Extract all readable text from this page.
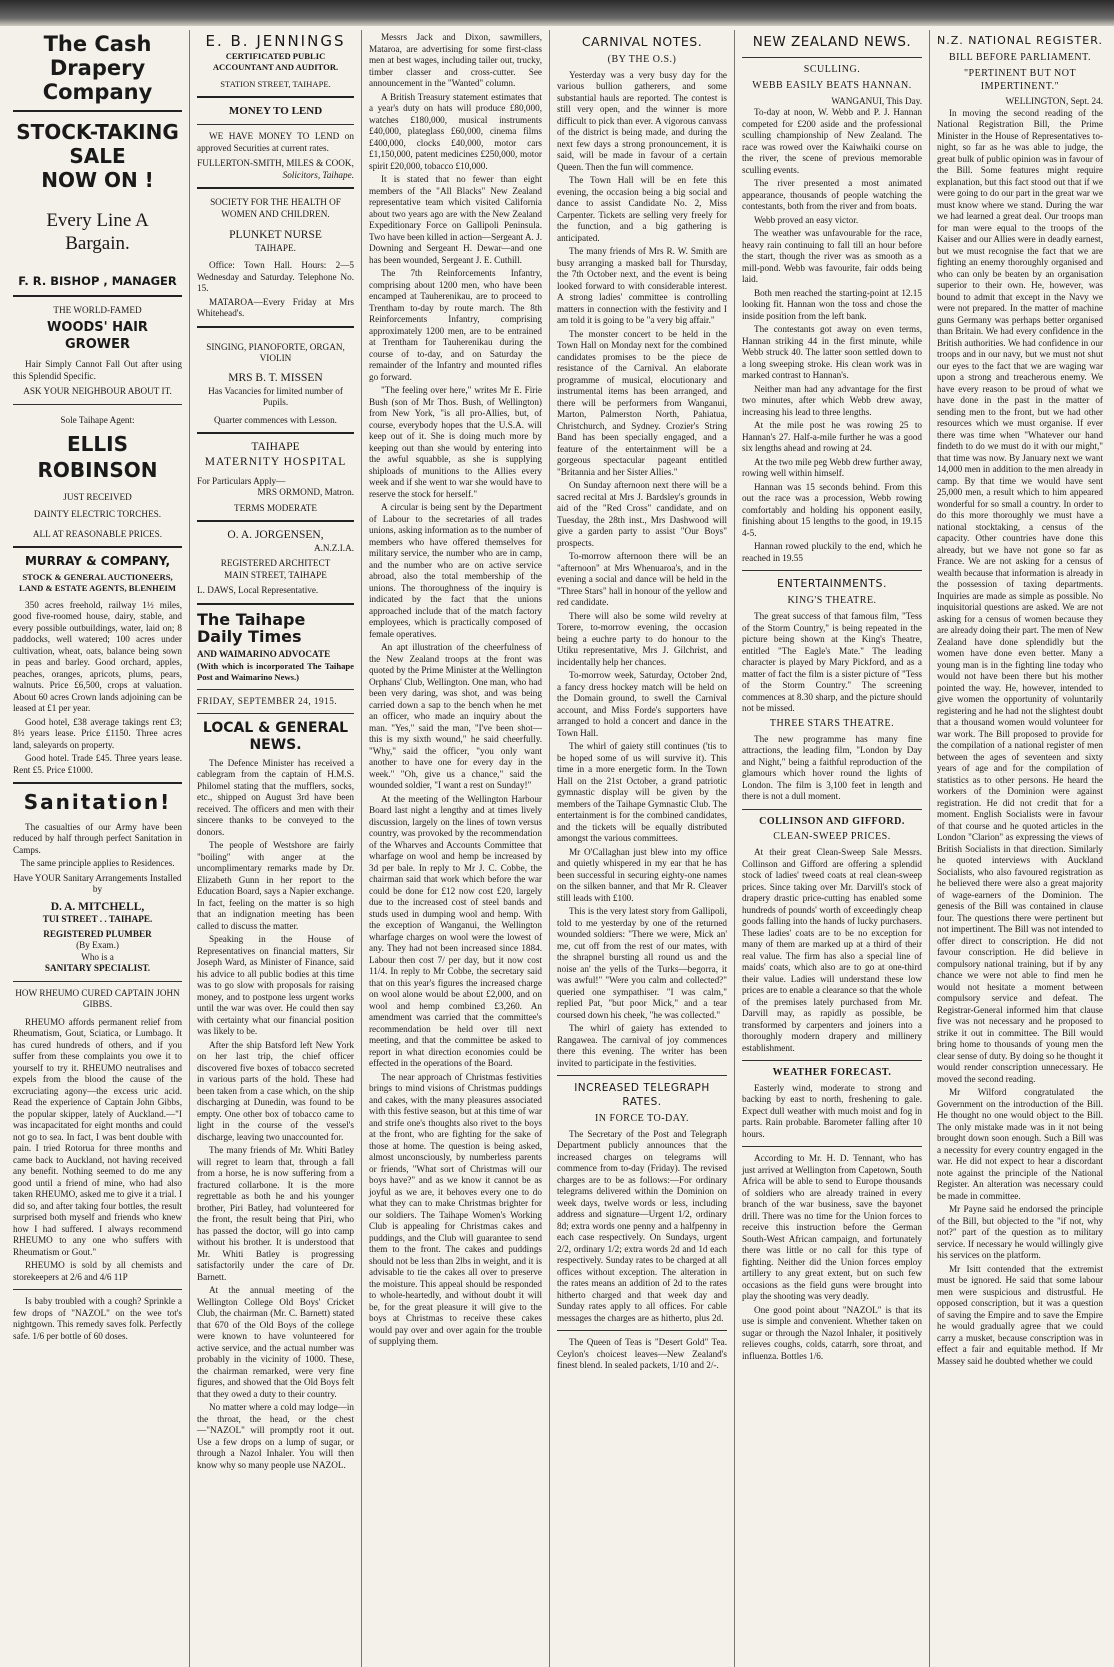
The Cash Drapery Company
STOCK-TAKING
SALE
NOW ON !
Every Line A Bargain.
F. R. BISHOP , MANAGER
THE WORLD-FAMED
WOODS' HAIR GROWER

Hair Simply Cannot Fall Out after using this Splendid Specific.

ASK YOUR NEIGHBOUR ABOUT IT.
Sole Taihape Agent:
ELLIS ROBINSON
JUST RECEIVED
DAINTY ELECTRIC TORCHES.
ALL AT REASONABLE PRICES.
MURRAY & COMPANY,
STOCK & GENERAL AUCTIONEERS, LAND & ESTATE AGENTS, BLENHEIM

350 acres freehold, railway 1½ miles, good five-roomed house, dairy, stable, and every possible outbuildings, water, laid on; 8 paddocks, well watered; 100 acres under cultivation, wheat, oats, balance being sown in peas and barley. Good orchard, apples, peaches, oranges, apricots, plums, pears, walnuts. Price £6,500, crops at valuation. About 60 acres Crown lands adjoining can be leased at £1 per year.

Good hotel, £38 average takings rent £3; 8½ years lease. Price £1150. Three acres land, saleyards on property.

Good hotel. Trade £45. Three years lease. Rent £5. Price £1000.

Sanitation!

The casualties of our Army have been reduced by half through perfect Sanitation in Camps.

The same principle applies to Residences.
Have YOUR Sanitary Arrangements Installed by
D. A. MITCHELL,
TUI STREET . . TAIHAPE.
REGISTERED PLUMBER
(By Exam.)
Who is a
SANITARY SPECIALIST.
HOW RHEUMO CURED CAPTAIN JOHN GIBBS.

RHEUMO affords permanent relief from Rheumatism, Gout, Sciatica, or Lumbago. It has cured hundreds of others, and if you suffer from these complaints you owe it to yourself to try it. RHEUMO neutralises and expels from the blood the cause of the excruciating agony—the excess uric acid. Read the experience of Captain John Gibbs, the popular skipper, lately of Auckland.—"I was incapacitated for eight months and could not go to sea. In fact, I was bent double with pain. I tried Rotorua for three months and came back to Auckland, not having received any benefit. Nothing seemed to do me any good until a friend of mine, who had also taken RHEUMO, asked me to give it a trial. I did so, and after taking four bottles, the result surprised both myself and friends who knew how I had suffered. I always recommend RHEUMO to any one who suffers with Rheumatism or Gout."

RHEUMO is sold by all chemists and storekeepers at 2/6 and 4/6 11P

Is baby troubled with a cough? Sprinkle a few drops of "NAZOL" on the wee tot's nightgown. This remedy saves folk. Perfectly safe. 1/6 per bottle of 60 doses.

E. B. JENNINGS
CERTIFICATED PUBLIC ACCOUNTANT AND AUDITOR.
STATION STREET, TAIHAPE.
MONEY TO LEND

WE HAVE MONEY TO LEND on approved Securities at current rates.

FULLERTON-SMITH, MILES & COOK,
Solicitors, Taihape.
SOCIETY FOR THE HEALTH OF WOMEN AND CHILDREN.
PLUNKET NURSE
TAIHAPE.

Office: Town Hall. Hours: 2—5 Wednesday and Saturday. Telephone No. 15.

MATAROA—Every Friday at Mrs Whitehead's.

SINGING, PIANOFORTE, ORGAN, VIOLIN
MRS B. T. MISSEN
Has Vacancies for limited number of Pupils.
Quarter commences with Lesson.
TAIHAPE
MATERNITY HOSPITAL
For Particulars Apply—
MRS ORMOND, Matron.
TERMS MODERATE
O. A. JORGENSEN,
A.N.Z.I.A.
REGISTERED ARCHITECT
MAIN STREET, TAIHAPE
L. DAWS, Local Representative.
The Taihape Daily Times
AND WAIMARINO ADVOCATE
(With which is incorporated The Taihape Post and Waimarino News.)
FRIDAY, SEPTEMBER 24, 1915.
LOCAL & GENERAL NEWS.

The Defence Minister has received a cablegram from the captain of H.M.S. Philomel stating that the mufflers, socks, etc., shipped on August 3rd have been received. The officers and men with their sincere thanks to be conveyed to the donors.

The people of Westshore are fairly "boiling" with anger at the uncomplimentary remarks made by Dr. Elizabeth Gunn in her report to the Education Board, says a Napier exchange. In fact, feeling on the matter is so high that an indignation meeting has been called to discuss the matter.

Speaking in the House of Representatives on financial matters, Sir Joseph Ward, as Minister of Finance, said his advice to all public bodies at this time was to go slow with proposals for raising money, and to postpone less urgent works until the war was over. He could then say with certainty what our financial position was likely to be.

After the ship Batsford left New York on her last trip, the chief officer discovered five boxes of tobacco secreted in various parts of the hold. These had been taken from a case which, on the ship discharging at Dunedin, was found to be empty. One other box of tobacco came to light in the course of the vessel's discharge, leaving two unaccounted for.

The many friends of Mr. Whiti Batley will regret to learn that, through a fall from a horse, he is now suffering from a fractured collarbone. It is the more regrettable as both he and his younger brother, Piri Batley, had volunteered for the front, the result being that Piri, who has passed the doctor, will go into camp without his brother. It is understood that Mr. Whiti Batley is progressing satisfactorily under the care of Dr. Barnett.

At the annual meeting of the Wellington College Old Boys' Cricket Club, the chairman (Mr. C. Barnett) stated that 670 of the Old Boys of the college were known to have volunteered for active service, and the actual number was probably in the vicinity of 1000. These, the chairman remarked, were very fine figures, and showed that the Old Boys felt that they owed a duty to their country.

No matter where a cold may lodge—in the throat, the head, or the chest—"NAZOL" will promptly root it out. Use a few drops on a lump of sugar, or through a Nazol Inhaler. You will then know why so many people use NAZOL.

Messrs Jack and Dixon, sawmillers, Mataroa, are advertising for some first-class men at best wages, including tailer out, trucky, timber classer and cross-cutter. See announcement in the "Wanted" column.

A British Treasury statement estimates that a year's duty on hats will produce £80,000, watches £180,000, musical instruments £40,000, plateglass £60,000, cinema films £400,000, clocks £40,000, motor cars £1,150,000, patent medicines £250,000, motor spirit £20,000, tobacco £10,000.

It is stated that no fewer than eight members of the "All Blacks" New Zealand representative team which visited California about two years ago are with the New Zealand Expeditionary Force on Gallipoli Peninsula. Two have been killed in action—Sergeant A. J. Downing and Sergeant H. Dewar—and one has been wounded, Sergeant J. E. Cuthill.

The 7th Reinforcements Infantry, comprising about 1200 men, who have been encamped at Tauherenikau, are to proceed to Trentham to-day by route march. The 8th Reinforcements Infantry, comprising approximately 1200 men, are to be entrained at Trentham for Tauherenikau during the course of to-day, and on Saturday the remainder of the Infantry and mounted rifles go forward.

"The feeling over here," writes Mr E. Firie Bush (son of Mr Thos. Bush, of Wellington) from New York, "is all pro-Allies, but, of course, everybody hopes that the U.S.A. will keep out of it. She is doing much more by keeping out than she would by entering into the awful squabble, as she is supplying shiploads of munitions to the Allies every week and if she went to war she would have to reserve the stock for herself."

A circular is being sent by the Department of Labour to the secretaries of all trades unions, asking information as to the number of members who have offered themselves for military service, the number who are in camp, and the number who are on active service abroad, also the total membership of the unions. The thoroughness of the inquiry is indicated by the fact that the unions approached include that of the match factory employees, which is practically composed of female operatives.

An apt illustration of the cheerfulness of the New Zealand troops at the front was quoted by the Prime Minister at the Wellington Orphans' Club, Wellington. One man, who had been very daring, was shot, and was being carried down a sap to the bench when he met an officer, who made an inquiry about the man. "Yes," said the man, "I've been shot—this is my sixth wound," he said cheerfully. "Why," said the officer, "you only want another to have one for every day in the week." "Oh, give us a chance," said the wounded soldier, "I want a rest on Sunday!"

At the meeting of the Wellington Harbour Board last night a lengthy and at times lively discussion, largely on the lines of town versus country, was provoked by the recommendation of the Wharves and Accounts Committee that wharfage on wool and hemp be increased by 3d per bale. In reply to Mr J. C. Cobbe, the chairman said that work which before the war could be done for £12 now cost £20, largely due to the increased cost of steel bands and studs used in dumping wool and hemp. With the exception of Wanganui, the Wellington wharfage charges on wool were the lowest of any. They had not been increased since 1884. Labour then cost 7/ per day, but it now cost 11/4. In reply to Mr Cobbe, the secretary said that on this year's figures the increased charge on wool alone would be about £2,000, and on wool and hemp combined £3,260. An amendment was carried that the committee's recommendation be held over till next meeting, and that the committee be asked to report in what direction economies could be effected in the operations of the Board.

The near approach of Christmas festivities brings to mind visions of Christmas puddings and cakes, with the many pleasures associated with this festive season, but at this time of war and strife one's thoughts also rivet to the boys at the front, who are fighting for the sake of those at home. The question is being asked, almost unconsciously, by numberless parents or friends, "What sort of Christmas will our boys have?" and as we know it cannot be as joyful as we are, it behoves every one to do what they can to make Christmas brighter for our soldiers. The Taihape Women's Working Club is appealing for Christmas cakes and puddings, and the Club will guarantee to send them to the front. The cakes and puddings should not be less than 2lbs in weight, and it is advisable to tie the cakes all over to preserve the moisture. This appeal should be responded to whole-heartedly, and without doubt it will be, for the great pleasure it will give to the boys at Christmas to receive these cakes would pay over and over again for the trouble of supplying them.

CARNIVAL NOTES.
(BY THE O.S.)

Yesterday was a very busy day for the various bullion gatherers, and some substantial hauls are reported. The contest is still very open, and the winner is more difficult to pick than ever. A vigorous canvass of the district is being made, and during the next few days a strong pronouncement, it is said, will be made in favour of a certain Queen. Then the fun will commence.

The Town Hall will be en fete this evening, the occasion being a big social and dance to assist Candidate No. 2, Miss Carpenter. Tickets are selling very freely for the function, and a big gathering is anticipated.

The many friends of Mrs R. W. Smith are busy arranging a masked ball for Thursday, the 7th October next, and the event is being looked forward to with considerable interest. A strong ladies' committee is controlling matters in connection with the festivity and I am told it is going to be "a very big affair."

The monster concert to be held in the Town Hall on Monday next for the combined candidates promises to be the piece de resistance of the Carnival. An elaborate programme of musical, elocutionary and instrumental items has been arranged, and there will be performers from Wanganui, Marton, Palmerston North, Pahiatua, Christchurch, and Sydney. Crozier's String Band has been specially engaged, and a feature of the entertainment will be a gorgeous spectacular pageant entitled "Britannia and her Sister Allies."

On Sunday afternoon next there will be a sacred recital at Mrs J. Bardsley's grounds in aid of the "Red Cross" candidate, and on Tuesday, the 28th inst., Mrs Dashwood will give a garden party to assist "Our Boys" prospects.

To-morrow afternoon there will be an "afternoon" at Mrs Whenuaroa's, and in the evening a social and dance will be held in the "Three Stars" hall in honour of the yellow and red candidate.

There will also be some wild revelry at Torere, to-morrow evening, the occasion being a euchre party to do honour to the Utiku representative, Mrs J. Gilchrist, and incidentally help her chances.

To-morrow week, Saturday, October 2nd, a fancy dress hockey match will be held on the Domain ground, to swell the Carnival account, and Miss Forde's supporters have arranged to hold a concert and dance in the Town Hall.

The whirl of gaiety still continues ('tis to be hoped some of us will survive it). This time in a more energetic form. In the Town Hall on the 21st October, a grand patriotic gymnastic display will be given by the members of the Taihape Gymnastic Club. The entertainment is for the combined candidates, and the tickets will be equally distributed amongst the various committees.

Mr O'Callaghan just blew into my office and quietly whispered in my ear that he has been successful in securing eighty-one names on the silken banner, and that Mr R. Cleaver still leads with £100.

This is the very latest story from Gallipoli, told to me yesterday by one of the returned wounded soldiers: "There we were, Mick an' me, cut off from the rest of our mates, with the shrapnel bursting all round us and the noise an' the yells of the Turks—begorra, it was awful!" "Were you calm and collected?" queried one sympathiser. "I was calm," replied Pat, "but poor Mick," and a tear coursed down his cheek, "he was collected."

The whirl of gaiety has extended to Rangawea. The carnival of joy commences there this evening. The writer has been invited to participate in the festivities.

INCREASED TELEGRAPH RATES.
IN FORCE TO-DAY.

The Secretary of the Post and Telegraph Department publicly announces that the increased charges on telegrams will commence from to-day (Friday). The revised charges are to be as follows:—For ordinary telegrams delivered within the Dominion on week days, twelve words or less, including address and signature—Urgent 1/2, ordinary 8d; extra words one penny and a halfpenny in each case respectively. On Sundays, urgent 2/2, ordinary 1/2; extra words 2d and 1d each respectively. Sunday rates to be charged at all offices without exception. The alteration in the rates means an addition of 2d to the rates hitherto charged and that week day and Sunday rates apply to all offices. For cable messages the charges are as hitherto, plus 2d.

The Queen of Teas is "Desert Gold" Tea. Ceylon's choicest leaves—New Zealand's finest blend. In sealed packets, 1/10 and 2/-.

NEW ZEALAND NEWS.
SCULLING.
WEBB EASILY BEATS HANNAN.
WANGANUI, This Day.

To-day at noon, W. Webb and P. J. Hannan competed for £200 aside and the professional sculling championship of New Zealand. The race was rowed over the Kaiwhaiki course on the river, the scene of previous memorable sculling events.

The river presented a most animated appearance, thousands of people watching the contestants, both from the river and from boats.

Webb proved an easy victor.

The weather was unfavourable for the race, heavy rain continuing to fall till an hour before the start, though the river was as smooth as a mill-pond. Webb was favourite, fair odds being laid.

Both men reached the starting-point at 12.15 looking fit. Hannan won the toss and chose the inside position from the left bank.

The contestants got away on even terms, Hannan striking 44 in the first minute, while Webb struck 40. The latter soon settled down to a long sweeping stroke. His clean work was in marked contrast to Hannan's.

Neither man had any advantage for the first two minutes, after which Webb drew away, increasing his lead to three lengths.

At the mile post he was rowing 25 to Hannan's 27. Half-a-mile further he was a good six lengths ahead and rowing at 24.

At the two mile peg Webb drew further away, rowing well within himself.

Hannan was 15 seconds behind. From this out the race was a procession, Webb rowing comfortably and holding his opponent easily, finishing about 15 lengths to the good, in 19.15 4-5.

Hannan rowed pluckily to the end, which he reached in 19.55

ENTERTAINMENTS.
KING'S THEATRE.

The great success of that famous film, "Tess of the Storm Country," is being repeated in the picture being shown at the King's Theatre, entitled "The Eagle's Mate." The leading character is played by Mary Pickford, and as a matter of fact the film is a sister picture of "Tess of the Storm Country." The screening commences at 8.30 sharp, and the picture should not be missed.

THREE STARS THEATRE.

The new programme has many fine attractions, the leading film, "London by Day and Night," being a faithful reproduction of the glamours which hover round the lights of London. The film is 3,100 feet in length and there is not a dull moment.

COLLINSON AND GIFFORD.
CLEAN-SWEEP PRICES.

At their great Clean-Sweep Sale Messrs. Collinson and Gifford are offering a splendid stock of ladies' tweed coats at real clean-sweep prices. Since taking over Mr. Darvill's stock of drapery drastic price-cutting has enabled some hundreds of pounds' worth of exceedingly cheap goods falling into the hands of lucky purchasers. These ladies' coats are to be no exception for many of them are marked up at a third of their real value. The firm has also a special line of maids' coats, which also are to go at one-third their value. Ladies will understand these low prices are to enable a clearance so that the whole of the premises lately purchased from Mr. Darvill may, as rapidly as possible, be transformed by carpenters and joiners into a thoroughly modern drapery and millinery establishment.

WEATHER FORECAST.

Easterly wind, moderate to strong and backing by east to north, freshening to gale. Expect dull weather with much moist and fog in parts. Rain probable. Barometer falling after 10 hours.

According to Mr. H. D. Tennant, who has just arrived at Wellington from Capetown, South Africa will be able to send to Europe thousands of soldiers who are already trained in every branch of the war business, save the bayonet drill. There was no time for the Union forces to receive this instruction before the German South-West African campaign, and fortunately there was little or no call for this type of fighting. Neither did the Union forces employ artillery to any great extent, but on such few occasions as the field guns were brought into play the shooting was very deadly.

One good point about "NAZOL" is that its use is simple and convenient. Whether taken on sugar or through the Nazol Inhaler, it positively relieves coughs, colds, catarrh, sore throat, and influenza. Bottles 1/6.

N.Z. NATIONAL REGISTER.
BILL BEFORE PARLIAMENT.
"PERTINENT BUT NOT IMPERTINENT."
WELLINGTON, Sept. 24.

In moving the second reading of the National Registration Bill, the Prime Minister in the House of Representatives to-night, so far as he was able to judge, the great bulk of public opinion was in favour of the Bill. Some features might require explanation, but this fact stood out that if we were going to do our part in the great war we must know where we stand. During the war we had learned a great deal. Our troops man for man were equal to the troops of the Kaiser and our Allies were in deadly earnest, but we must recognise the fact that we are fighting an enemy thoroughly organised and who can only be beaten by an organisation superior to their own. He, however, was bound to admit that except in the Navy we were not prepared. In the matter of machine guns Germany was perhaps better organised than Britain. We had every confidence in the British authorities. We had confidence in our troops and in our navy, but we must not shut our eyes to the fact that we are waging war upon a strong and treacherous enemy. We have every reason to be proud of what we have done in the past in the matter of sending men to the front, but we had other resources which we must organise. If ever there was time when "Whatever our hand findeth to do we must do it with our might," that time was now. By January next we want 14,000 men in addition to the men already in camp. By that time we would have sent 25,000 men, a result which to him appeared wonderful for so small a country. In order to do this more thoroughly we must have a national stocktaking, a census of the capacity. Other countries have done this already, but we have not gone so far as France. We are not asking for a census of wealth because that information is already in the possession of taxing departments. Inquiries are made as simple as possible. No inquisitorial questions are asked. We are not asking for a census of women because they are already doing their part. The men of New Zealand have done splendidly but the women have done even better. Many a young man is in the fighting line today who would not have been there but his mother pointed the way. He, however, intended to give women the opportunity of voluntarily registering and he had not the slightest doubt that a thousand women would volunteer for war work. The Bill proposed to provide for the compilation of a national register of men between the ages of seventeen and sixty years of age and for the compilation of statistics as to other persons. He heard the workers of the Dominion were against registration. He did not credit that for a moment. English Socialists were in favour of that course and he quoted articles in the London "Clarion" as expressing the views of British Socialists in that direction. Similarly he quoted interviews with Auckland Socialists, who also favoured registration as he believed there were also a great majority of wage-earners of the Dominion. The genesis of the Bill was contained in clause four. The questions there were pertinent but not impertinent. The Bill was not intended to offer direct to conscription. He did not favour conscription. He did believe in compulsory national training, but if by any chance we were not able to find men he would not hesitate a moment between compulsory service and defeat. The Registrar-General informed him that clause five was not necessary and he proposed to strike it out in committee. The Bill would bring home to thousands of young men the clear sense of duty. By doing so he thought it would render conscription unnecessary. He moved the second reading.

Mr Wilford congratulated the Government on the introduction of the Bill. He thought no one would object to the Bill. The only mistake made was in it not being brought down soon enough. Such a Bill was a necessity for every country engaged in the war. He did not expect to hear a discordant note against the principle of the National Register. An alteration was necessary could be made in committee.

Mr Payne said he endorsed the principle of the Bill, but objected to the "if not, why not?" part of the question as to military service. If necessary he would willingly give his services on the platform.

Mr Isitt contended that the extremist must be ignored. He said that some labour men were suspicious and distrustful. He opposed conscription, but it was a question of saving the Empire and to save the Empire he would gradually agree that we could carry a musket, because conscription was in effect a fair and equitable method. If Mr Massey said he doubted whether we could
